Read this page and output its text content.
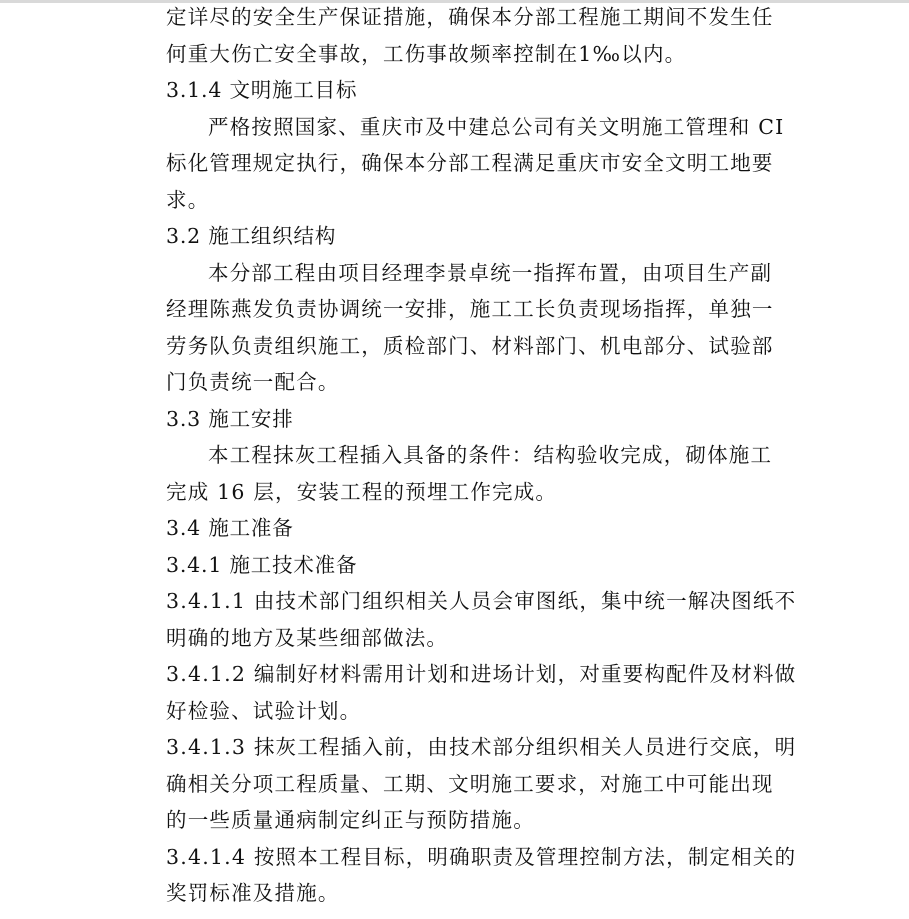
定详尽的安全生产保证措施，确保本分部工程施工期间不发生任
何重大伤亡安全事故，工伤事故频率控制在1‰以内。
3.1.4 文明施工目标
严格按照国家、重庆市及中建总公司有关文明施工管理和 CI
标化管理规定执行，确保本分部工程满足重庆市安全文明工地要
求。
3.2 施工组织结构
本分部工程由项目经理李景卓统一指挥布置，由项目生产副
经理陈燕发负责协调统一安排，施工工长负责现场指挥，单独一
劳务队负责组织施工，质检部门、材料部门、机电部分、试验部
门负责统一配合。
3.3 施工安排
本工程抹灰工程插入具备的条件：结构验收完成，砌体施工
完成 16 层，安装工程的预埋工作完成。
3.4 施工准备
3.4.1 施工技术准备
3.4.1.1 由技术部门组织相关人员会审图纸，集中统一解决图纸不
明确的地方及某些细部做法。
3.4.1.2 编制好材料需用计划和进场计划，对重要构配件及材料做
好检验、试验计划。
3.4.1.3 抹灰工程插入前，由技术部分组织相关人员进行交底，明
确相关分项工程质量、工期、文明施工要求，对施工中可能出现
的一些质量通病制定纠正与预防措施。
3.4.1.4 按照本工程目标，明确职责及管理控制方法，制定相关的
奖罚标准及措施。
